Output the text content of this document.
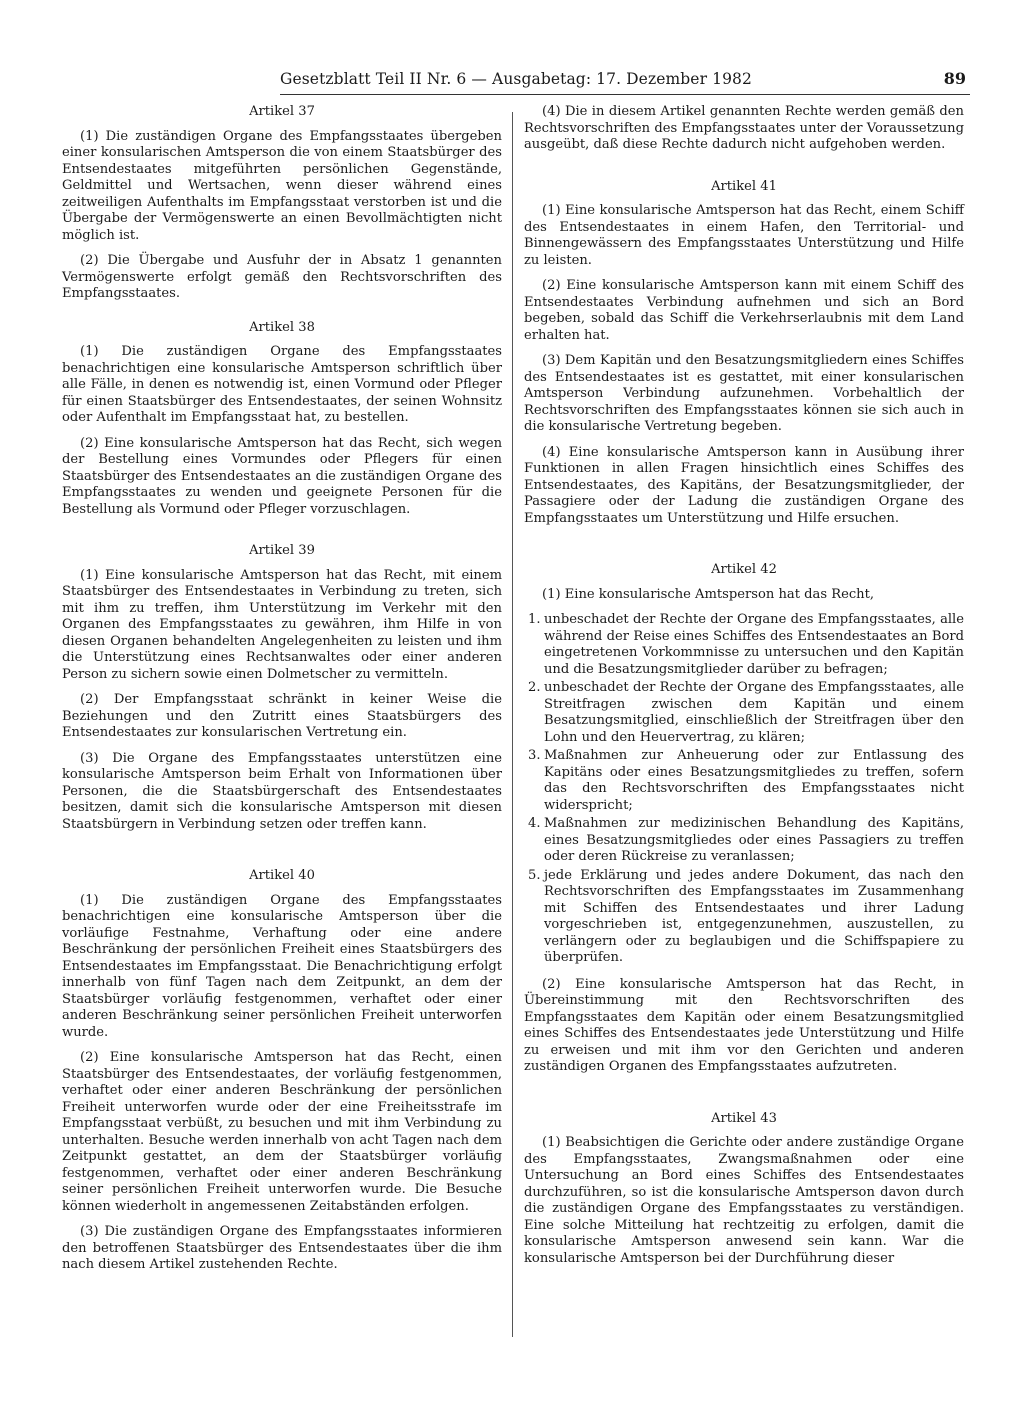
Gesetzblatt Teil II Nr. 6 — Ausgabetag: 17. Dezember 1982	89
Artikel 37

(1) Die zuständigen Organe des Empfangsstaates übergeben einer konsularischen Amtsperson die von einem Staatsbürger des Entsendestaates mitgeführten persönlichen Gegenstände, Geldmittel und Wertsachen, wenn dieser während eines zeitweiligen Aufenthalts im Empfangsstaat verstorben ist und die Übergabe der Vermögenswerte an einen Bevollmächtigten nicht möglich ist.

(2) Die Übergabe und Ausfuhr der in Absatz 1 genannten Vermögenswerte erfolgt gemäß den Rechtsvorschriften des Empfangsstaates.

Artikel 38

(1) Die zuständigen Organe des Empfangsstaates benachrichtigen eine konsularische Amtsperson schriftlich über alle Fälle, in denen es notwendig ist, einen Vormund oder Pfleger für einen Staatsbürger des Entsendestaates, der seinen Wohnsitz oder Aufenthalt im Empfangsstaat hat, zu bestellen.

(2) Eine konsularische Amtsperson hat das Recht, sich wegen der Bestellung eines Vormundes oder Pflegers für einen Staatsbürger des Entsendestaates an die zuständigen Organe des Empfangsstaates zu wenden und geeignete Personen für die Bestellung als Vormund oder Pfleger vorzuschlagen.

Artikel 39

(1) Eine konsularische Amtsperson hat das Recht, mit einem Staatsbürger des Entsendestaates in Verbindung zu treten, sich mit ihm zu treffen, ihm Unterstützung im Verkehr mit den Organen des Empfangsstaates zu gewähren, ihm Hilfe in von diesen Organen behandelten Angelegenheiten zu leisten und ihm die Unterstützung eines Rechtsanwaltes oder einer anderen Person zu sichern sowie einen Dolmetscher zu vermitteln.

(2) Der Empfangsstaat schränkt in keiner Weise die Beziehungen und den Zutritt eines Staatsbürgers des Entsendestaates zur konsularischen Vertretung ein.

(3) Die Organe des Empfangsstaates unterstützen eine konsularische Amtsperson beim Erhalt von Informationen über Personen, die die Staatsbürgerschaft des Entsendestaates besitzen, damit sich die konsularische Amtsperson mit diesen Staatsbürgern in Verbindung setzen oder treffen kann.

Artikel 40

(1) Die zuständigen Organe des Empfangsstaates benachrichtigen eine konsularische Amtsperson über die vorläufige Festnahme, Verhaftung oder eine andere Beschränkung der persönlichen Freiheit eines Staatsbürgers des Entsendestaates im Empfangsstaat. Die Benachrichtigung erfolgt innerhalb von fünf Tagen nach dem Zeitpunkt, an dem der Staatsbürger vorläufig festgenommen, verhaftet oder einer anderen Beschränkung seiner persönlichen Freiheit unterworfen wurde.

(2) Eine konsularische Amtsperson hat das Recht, einen Staatsbürger des Entsendestaates, der vorläufig festgenommen, verhaftet oder einer anderen Beschränkung der persönlichen Freiheit unterworfen wurde oder der eine Freiheitsstrafe im Empfangsstaat verbüßt, zu besuchen und mit ihm Verbindung zu unterhalten. Besuche werden innerhalb von acht Tagen nach dem Zeitpunkt gestattet, an dem der Staatsbürger vorläufig festgenommen, verhaftet oder einer anderen Beschränkung seiner persönlichen Freiheit unterworfen wurde. Die Besuche können wiederholt in angemessenen Zeitabständen erfolgen.

(3) Die zuständigen Organe des Empfangsstaates informieren den betroffenen Staatsbürger des Entsendestaates über die ihm nach diesem Artikel zustehenden Rechte.

(4) Die in diesem Artikel genannten Rechte werden gemäß den Rechtsvorschriften des Empfangsstaates unter der Voraussetzung ausgeübt, daß diese Rechte dadurch nicht aufgehoben werden.

Artikel 41

(1) Eine konsularische Amtsperson hat das Recht, einem Schiff des Entsendestaates in einem Hafen, den Territorial- und Binnengewässern des Empfangsstaates Unterstützung und Hilfe zu leisten.

(2) Eine konsularische Amtsperson kann mit einem Schiff des Entsendestaates Verbindung aufnehmen und sich an Bord begeben, sobald das Schiff die Verkehrserlaubnis mit dem Land erhalten hat.

(3) Dem Kapitän und den Besatzungsmitgliedern eines Schiffes des Entsendestaates ist es gestattet, mit einer konsularischen Amtsperson Verbindung aufzunehmen. Vorbehaltlich der Rechtsvorschriften des Empfangsstaates können sie sich auch in die konsularische Vertretung begeben.

(4) Eine konsularische Amtsperson kann in Ausübung ihrer Funktionen in allen Fragen hinsichtlich eines Schiffes des Entsendestaates, des Kapitäns, der Besatzungsmitglieder, der Passagiere oder der Ladung die zuständigen Organe des Empfangsstaates um Unterstützung und Hilfe ersuchen.

Artikel 42

(1) Eine konsularische Amtsperson hat das Recht,

1. unbeschadet der Rechte der Organe des Empfangsstaates, alle während der Reise eines Schiffes des Entsendestaates an Bord eingetretenen Vorkommnisse zu untersuchen und den Kapitän und die Besatzungsmitglieder darüber zu befragen;
2. unbeschadet der Rechte der Organe des Empfangsstaates, alle Streitfragen zwischen dem Kapitän und einem Besatzungsmitglied, einschließlich der Streitfragen über den Lohn und den Heuervertrag, zu klären;
3. Maßnahmen zur Anheuerung oder zur Entlassung des Kapitäns oder eines Besatzungsmitgliedes zu treffen, sofern das den Rechtsvorschriften des Empfangsstaates nicht widerspricht;
4. Maßnahmen zur medizinischen Behandlung des Kapitäns, eines Besatzungsmitgliedes oder eines Passagiers zu treffen oder deren Rückreise zu veranlassen;
5. jede Erklärung und jedes andere Dokument, das nach den Rechtsvorschriften des Empfangsstaates im Zusammenhang mit Schiffen des Entsendestaates und ihrer Ladung vorgeschrieben ist, entgegenzunehmen, auszustellen, zu verlängern oder zu beglaubigen und die Schiffspapiere zu überprüfen.

(2) Eine konsularische Amtsperson hat das Recht, in Übereinstimmung mit den Rechtsvorschriften des Empfangsstaates dem Kapitän oder einem Besatzungsmitglied eines Schiffes des Entsendestaates jede Unterstützung und Hilfe zu erweisen und mit ihm vor den Gerichten und anderen zuständigen Organen des Empfangsstaates aufzutreten.

Artikel 43

(1) Beabsichtigen die Gerichte oder andere zuständige Organe des Empfangsstaates, Zwangsmaßnahmen oder eine Untersuchung an Bord eines Schiffes des Entsendestaates durchzuführen, so ist die konsularische Amtsperson davon durch die zuständigen Organe des Empfangsstaates zu verständigen. Eine solche Mitteilung hat rechtzeitig zu erfolgen, damit die konsularische Amtsperson anwesend sein kann. War die konsularische Amtsperson bei der Durchführung dieser
